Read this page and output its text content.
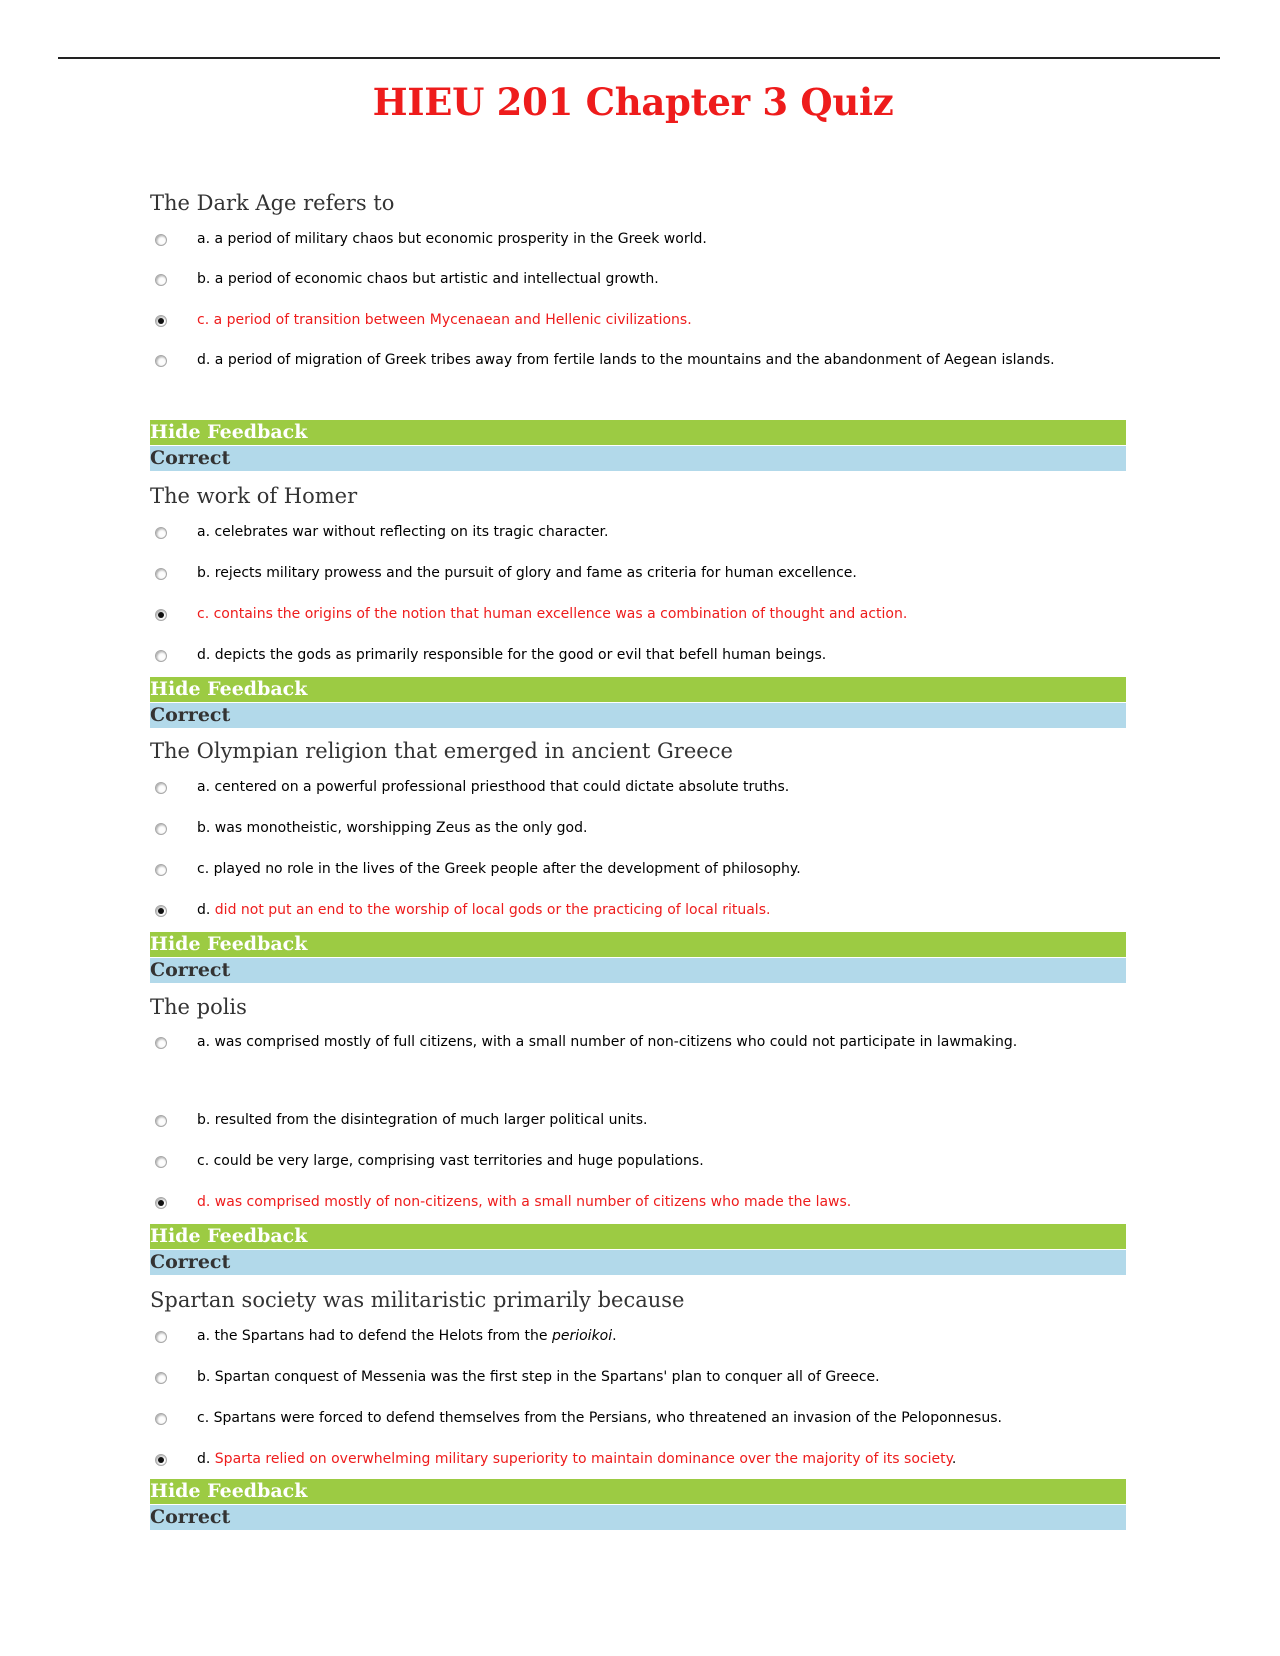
HIEU 201 Chapter 3 Quiz
The Dark Age refers to
a. a period of military chaos but economic prosperity in the Greek world.
b. a period of economic chaos but artistic and intellectual growth.
c. a period of transition between Mycenaean and Hellenic civilizations.
d. a period of migration of Greek tribes away from fertile lands to the mountains and the abandonment of Aegean islands.
Hide Feedback
Correct
The work of Homer
a. celebrates war without reflecting on its tragic character.
b. rejects military prowess and the pursuit of glory and fame as criteria for human excellence.
c. contains the origins of the notion that human excellence was a combination of thought and action.
d. depicts the gods as primarily responsible for the good or evil that befell human beings.
Hide Feedback
Correct
The Olympian religion that emerged in ancient Greece
a. centered on a powerful professional priesthood that could dictate absolute truths.
b. was monotheistic, worshipping Zeus as the only god.
c. played no role in the lives of the Greek people after the development of philosophy.
d. did not put an end to the worship of local gods or the practicing of local rituals.
Hide Feedback
Correct
The polis
a. was comprised mostly of full citizens, with a small number of non-citizens who could not participate in lawmaking.
b. resulted from the disintegration of much larger political units.
c. could be very large, comprising vast territories and huge populations.
d. was comprised mostly of non-citizens, with a small number of citizens who made the laws.
Hide Feedback
Correct
Spartan society was militaristic primarily because
a. the Spartans had to defend the Helots from the perioikoi.
b. Spartan conquest of Messenia was the first step in the Spartans' plan to conquer all of Greece.
c. Spartans were forced to defend themselves from the Persians, who threatened an invasion of the Peloponnesus.
d. Sparta relied on overwhelming military superiority to maintain dominance over the majority of its society.
Hide Feedback
Correct
